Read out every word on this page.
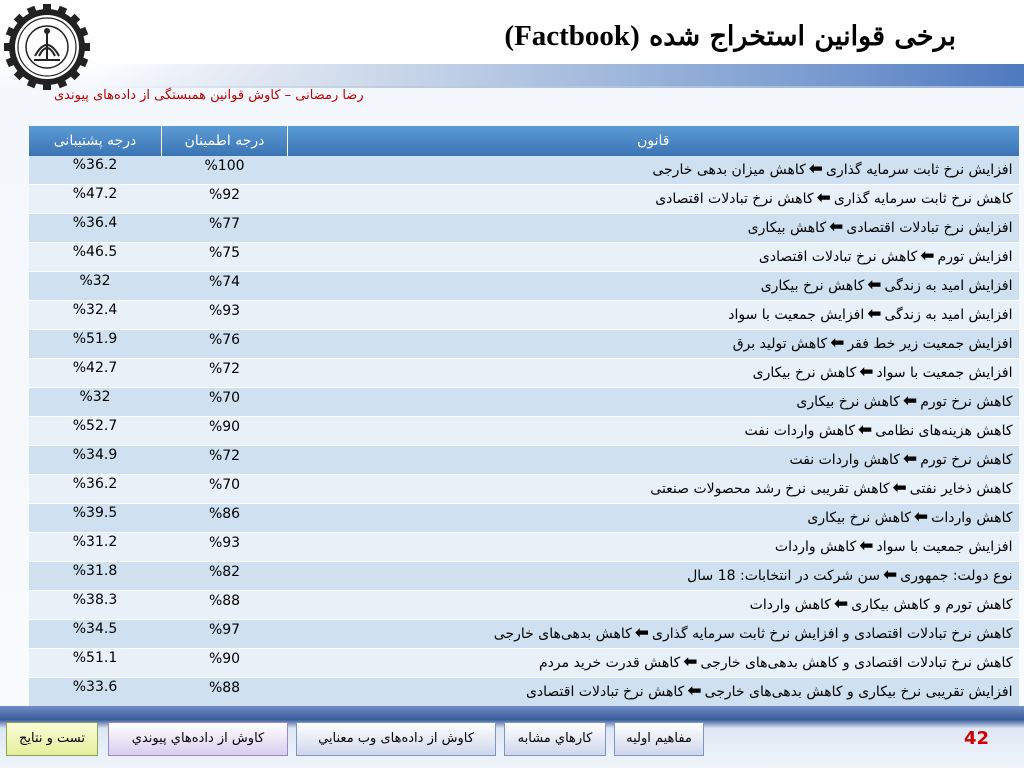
برخی قوانین استخراج شده (Factbook)
رضا رمضانی – کاوش قوانین همبستگی از داده‌های پیوندی
قانون	درجه اطمینان	درجه پشتیبانی
افزایش نرخ ثابت سرمایه گذاری⬅کاهش میزان بدهی خارجی	%100	%36.2
کاهش نرخ ثابت سرمایه گذاری⬅کاهش نرخ تبادلات اقتصادی	%92	%47.2
افزایش نرخ تبادلات اقتصادی⬅کاهش بیکاری	%77	%36.4
افزایش تورم⬅کاهش نرخ تبادلات اقتصادی	%75	%46.5
افزایش امید به زندگی⬅کاهش نرخ بیکاری	%74	%32
افزایش امید به زندگی⬅افزایش جمعیت با سواد	%93	%32.4
افزایش جمعیت زیر خط فقر⬅کاهش تولید برق	%76	%51.9
افزایش جمعیت با سواد⬅کاهش نرخ بیکاری	%72	%42.7
کاهش نرخ تورم⬅کاهش نرخ بیکاری	%70	%32
کاهش هزینه‌های نظامی⬅کاهش واردات نفت	%90	%52.7
کاهش نرخ تورم⬅کاهش واردات نفت	%72	%34.9
کاهش ذخایر نفتی⬅کاهش تقریبی نرخ رشد محصولات صنعتی	%70	%36.2
کاهش واردات⬅کاهش نرخ بیکاری	%86	%39.5
افزایش جمعیت با سواد⬅کاهش واردات	%93	%31.2
نوع دولت: جمهوری⬅سن شرکت در انتخابات: 18 سال	%82	%31.8
کاهش تورم و کاهش بیکاری⬅کاهش واردات	%88	%38.3
کاهش نرخ تبادلات اقتصادی و افزایش نرخ ثابت سرمایه گذاری⬅کاهش بدهی‌های خارجی	%97	%34.5
کاهش نرخ تبادلات اقتصادی و کاهش بدهی‌های خارجی⬅کاهش قدرت خرید مردم	%90	%51.1
افزایش تقریبی نرخ بیکاری و کاهش بدهی‌های خارجی⬅کاهش نرخ تبادلات اقتصادی	%88	%33.6
تست و نتايج	كاوش از داده‌هاي پيوندي	كاوش از داده‌های وب معنايي	كارهاي مشابه	مفاهيم اوليه	42
